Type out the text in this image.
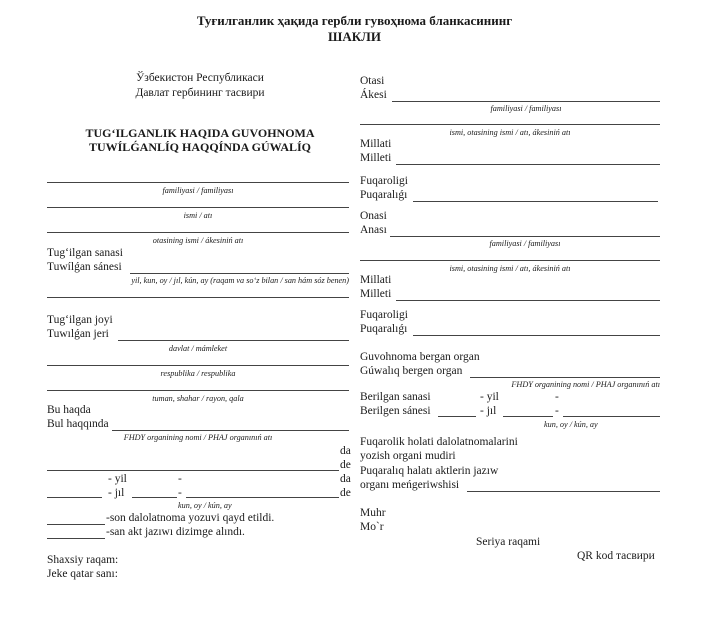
Туғилганлик ҳақида гербли гувоҳнома бланкасининг
ШАКЛИ
Ўзбекистон Республикаси
Давлат гербининг тасвири
TUG‘ILGANLIK HAQIDA GUVOHNOMA
TUWÍLǴANLÍQ HAQQÍNDA GÚWALÍQ
familiyasi / familiyası
ismi / atı
otasining ismi / ákesiniń atı
Tug‘ilgan sanasi
Tuwílǵan sánesi
yil, kun, oy / jıl, kún, ay (raqam va so‘z bilan / san hám sóz benen)
Tug‘ilgan joyi
Tuwılǵan jeri
davlat / mámleket
respublika / respublika
tuman, shahar / rayon, qala
Bu haqda
Bul haqqında
FHDY organining nomi / PHAJ organınıń atı
da
de
- yil	-	da
- jıl	-	de
kun, oy / kún, ay
-son dalolatnoma yozuvi qayd etildi.
-san akt jazıwı dizimge alındı.
Shaxsiy raqam:
Jeke qatar sanı:
Otasi
Ákesi
familiyasi / familiyası
ismi, otasining ismi / atı, ákesiniń atı
Millati
Milleti
Fuqaroligi
Puqaralıǵı
Onasi
Anası
familiyasi / familiyası
ismi, otasining ismi / atı, ákesiniń atı
Millati
Milleti
Fuqaroligi
Puqaralıǵı
Guvohnoma bergan organ
Gúwalıq bergen organ
FHDY organining nomi / PHAJ organınıń atı
Berilgan sanasi	- yil	-
Berilgen sánesi	- jıl	-
kun, oy / kún, ay
Fuqarolik holati dalolatnomalarini
yozish organi mudiri
Puqaralıq halatı aktlerin jazıw
organı meńgeriwshisi
Muhr
Mo`r
Seriya raqami
QR kod тасвири
